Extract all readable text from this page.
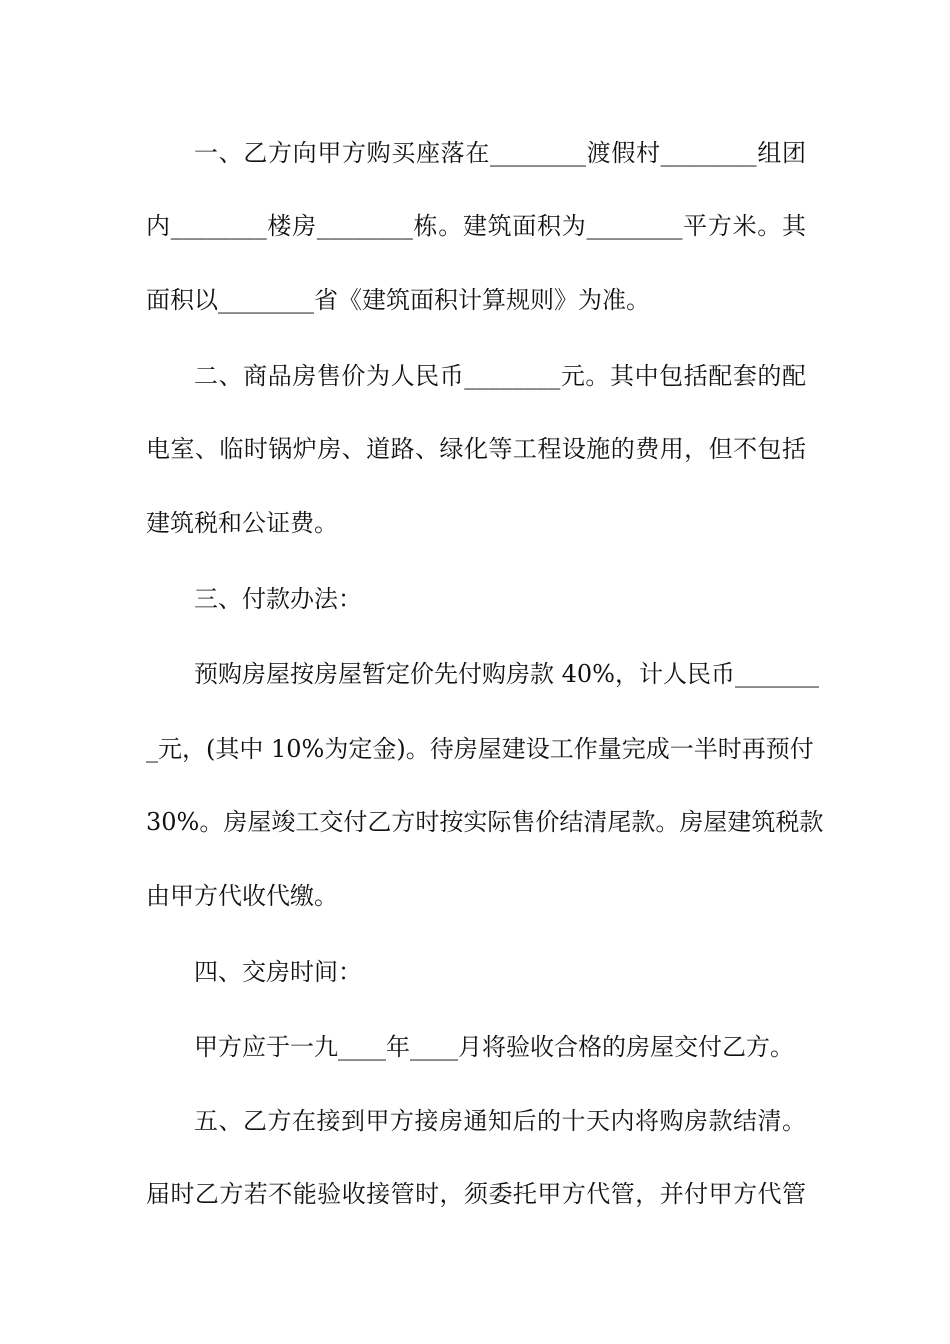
一、乙方向甲方购买座落在________渡假村________组团
内________楼房________栋。建筑面积为________平方米。其
面积以________省《建筑面积计算规则》为准。
二、商品房售价为人民币________元。其中包括配套的配
电室、临时锅炉房、道路、绿化等工程设施的费用，但不包括
建筑税和公证费。
三、付款办法：
预购房屋按房屋暂定价先付购房款 40%，计人民币_______
_元，(其中 10%为定金)。待房屋建设工作量完成一半时再预付
30%。房屋竣工交付乙方时按实际售价结清尾款。房屋建筑税款
由甲方代收代缴。
四、交房时间：
甲方应于一九____年____月将验收合格的房屋交付乙方。
五、乙方在接到甲方接房通知后的十天内将购房款结清。
届时乙方若不能验收接管时，须委托甲方代管，并付甲方代管
